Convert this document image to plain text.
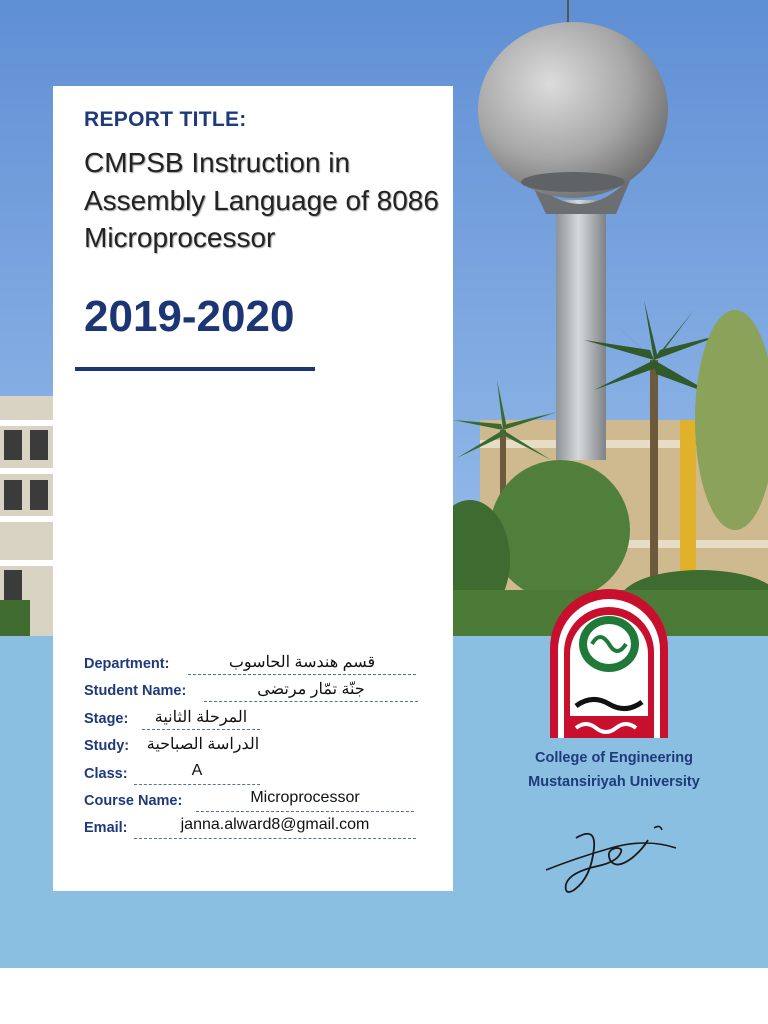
REPORT TITLE:
CMPSB Instruction in Assembly Language of 8086 Microprocessor
2019-2020
Department:	قسم هندسة الحاسوب
Student Name:	جنّة تمّار مرتضى
Stage:	المرحلة الثانية
Study:	الدراسة الصباحية
Class:	A
Course Name:	Microprocessor
Email:	janna.alward8@gmail.com
College of Engineering
Mustansiriyah University
